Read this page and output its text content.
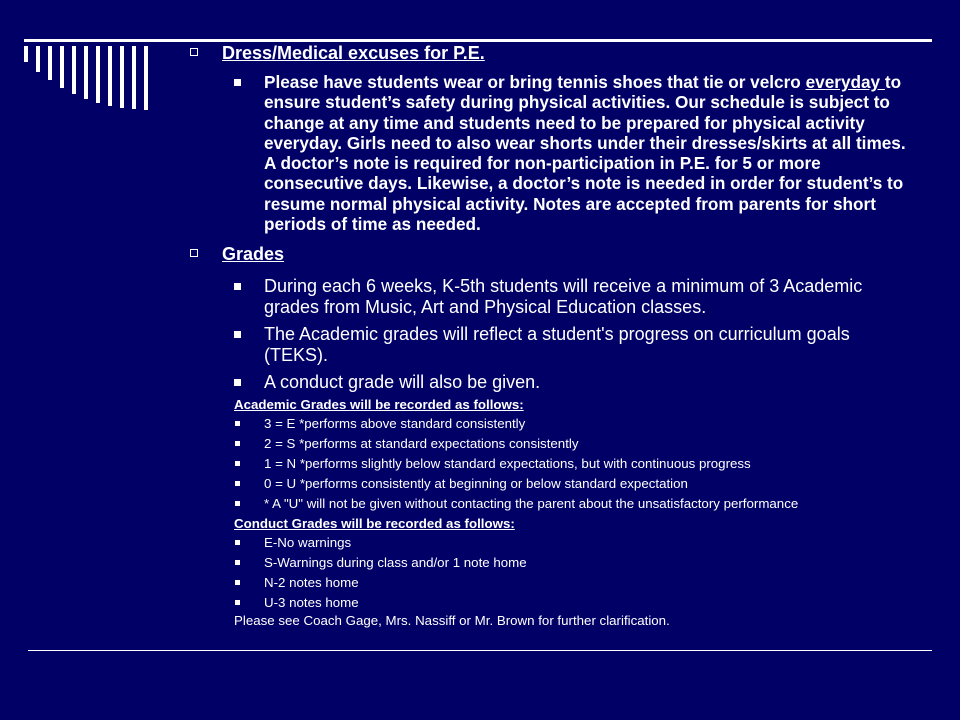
Dress/Medical excuses for P.E.
Please have students wear or bring tennis shoes that tie or velcro everyday to ensure student’s safety during physical activities. Our schedule is subject to change at any time and students need to be prepared for physical activity everyday. Girls need to also wear shorts under their dresses/skirts at all times. A doctor’s note is required for non-participation in P.E. for 5 or more consecutive days. Likewise, a doctor’s note is needed in order for student’s to resume normal physical activity. Notes are accepted from parents for short periods of time as needed.
Grades
During each 6 weeks, K-5th students will receive a minimum of 3 Academic grades from Music, Art and Physical Education classes.
The Academic grades will reflect a student's progress on curriculum goals (TEKS).
A conduct grade will also be given.
Academic Grades will be recorded as follows:
3 = E *performs above standard consistently
2 = S *performs at standard expectations consistently
1 = N *performs slightly below standard expectations, but with continuous progress
0 = U *performs consistently at beginning or below standard expectation
* A "U" will not be given without contacting the parent about the unsatisfactory performance
Conduct Grades will be recorded as follows:
E-No warnings
S-Warnings during class and/or 1 note home
N-2 notes home
U-3 notes home
Please see Coach Gage, Mrs. Nassiff or Mr. Brown for further clarification.
